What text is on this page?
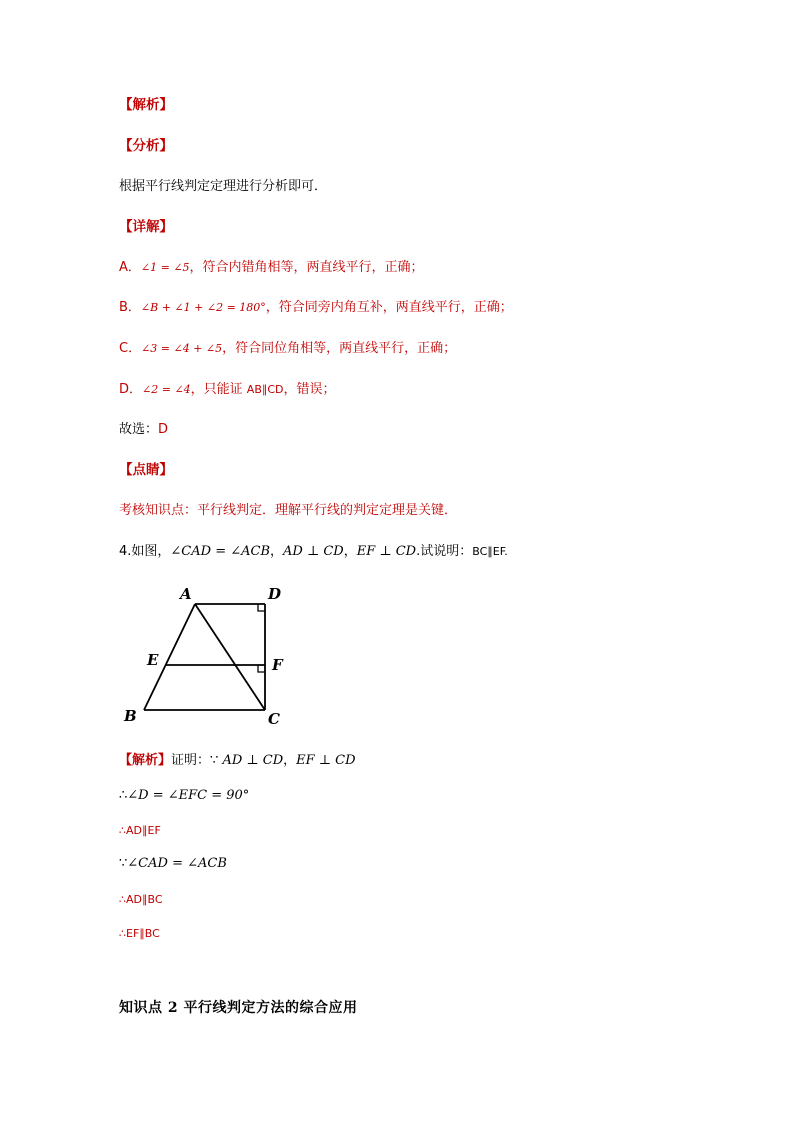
【解析】
【分析】
根据平行线判定定理进行分析即可．
【详解】
A．∠1 = ∠5，符合内错角相等，两直线平行，正确；
B．∠B + ∠1 + ∠2 = 180°，符合同旁内角互补，两直线平行，正确；
C．∠3 = ∠4 + ∠5，符合同位角相等，两直线平行，正确；
D．∠2 = ∠4，只能证 AB∥CD，错误；
故选：D
【点睛】
考核知识点：平行线判定．理解平行线的判定定理是关键．
4.如图，∠CAD = ∠ACB，AD ⊥ CD，EF ⊥ CD.试说明：BC∥EF.
A	D
E	F
B	C
【解析】证明：∵ AD ⊥ CD，EF ⊥ CD
∴∠D = ∠EFC = 90°
∴AD∥EF
∵∠CAD = ∠ACB
∴AD∥BC
∴EF∥BC
知识点 2 平行线判定方法的综合应用
